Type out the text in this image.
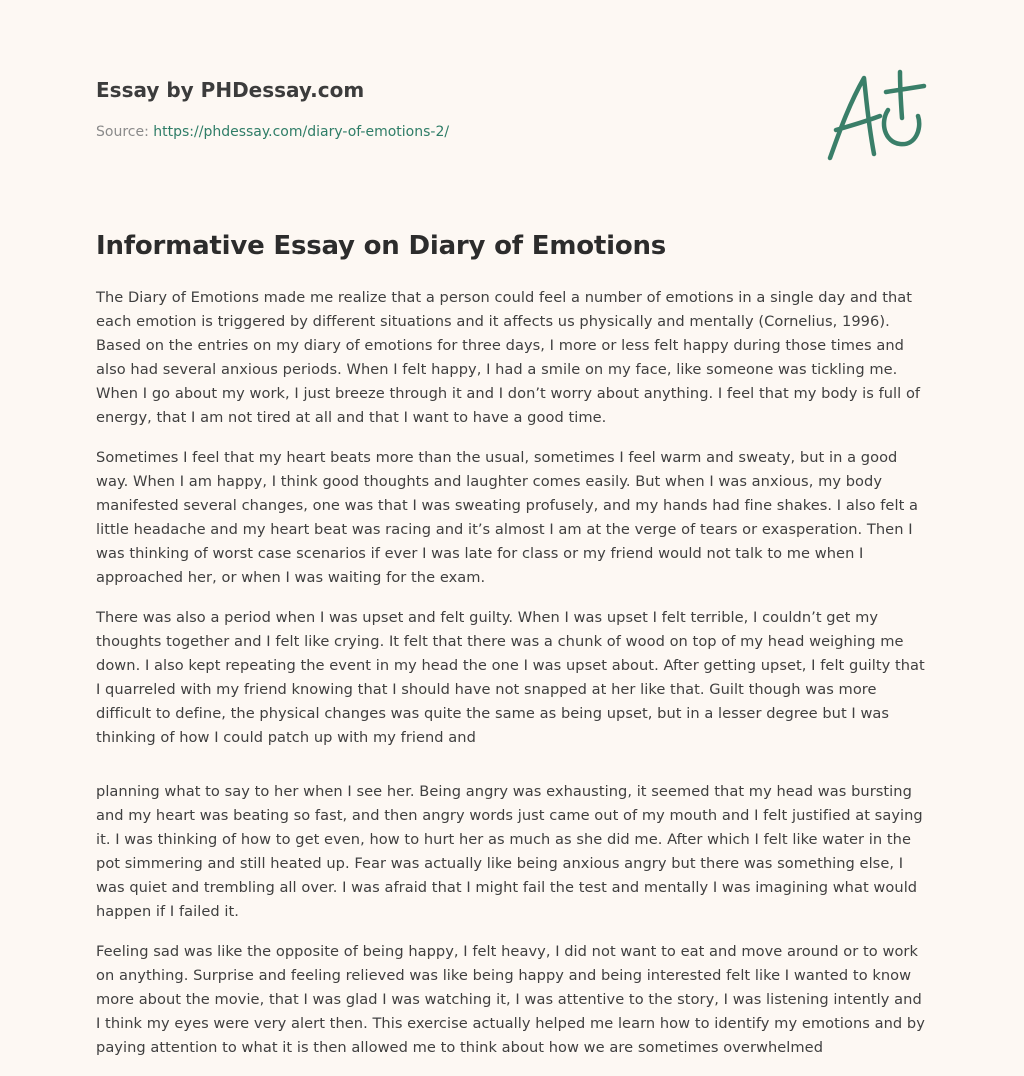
Essay by PHDessay.com

Source: https://phdessay.com/diary-of-emotions-2/
Informative Essay on Diary of Emotions

The Diary of Emotions made me realize that a person could feel a number of emotions in a single day and that each emotion is triggered by different situations and it affects us physically and mentally (Cornelius, 1996). Based on the entries on my diary of emotions for three days, I more or less felt happy during those times and also had several anxious periods. When I felt happy, I had a smile on my face, like someone was tickling me. When I go about my work, I just breeze through it and I don’t worry about anything. I feel that my body is full of energy, that I am not tired at all and that I want to have a good time.

Sometimes I feel that my heart beats more than the usual, sometimes I feel warm and sweaty, but in a good way. When I am happy, I think good thoughts and laughter comes easily. But when I was anxious, my body manifested several changes, one was that I was sweating profusely, and my hands had fine shakes. I also felt a little headache and my heart beat was racing and it’s almost I am at the verge of tears or exasperation. Then I was thinking of worst case scenarios if ever I was late for class or my friend would not talk to me when I approached her, or when I was waiting for the exam.

There was also a period when I was upset and felt guilty. When I was upset I felt terrible, I couldn’t get my thoughts together and I felt like crying. It felt that there was a chunk of wood on top of my head weighing me down. I also kept repeating the event in my head the one I was upset about. After getting upset, I felt guilty that I quarreled with my friend knowing that I should have not snapped at her like that. Guilt though was more difficult to define, the physical changes was quite the same as being upset, but in a lesser degree but I was thinking of how I could patch up with my friend and

planning what to say to her when I see her. Being angry was exhausting, it seemed that my head was bursting and my heart was beating so fast, and then angry words just came out of my mouth and I felt justified at saying it. I was thinking of how to get even, how to hurt her as much as she did me. After which I felt like water in the pot simmering and still heated up. Fear was actually like being anxious angry but there was something else, I was quiet and trembling all over. I was afraid that I might fail the test and mentally I was imagining what would happen if I failed it.

Feeling sad was like the opposite of being happy, I felt heavy, I did not want to eat and move around or to work on anything. Surprise and feeling relieved was like being happy and being interested felt like I wanted to know more about the movie, that I was glad I was watching it, I was attentive to the story, I was listening intently and I think my eyes were very alert then. This exercise actually helped me learn how to identify my emotions and by paying attention to what it is then allowed me to think about how we are sometimes overwhelmed
